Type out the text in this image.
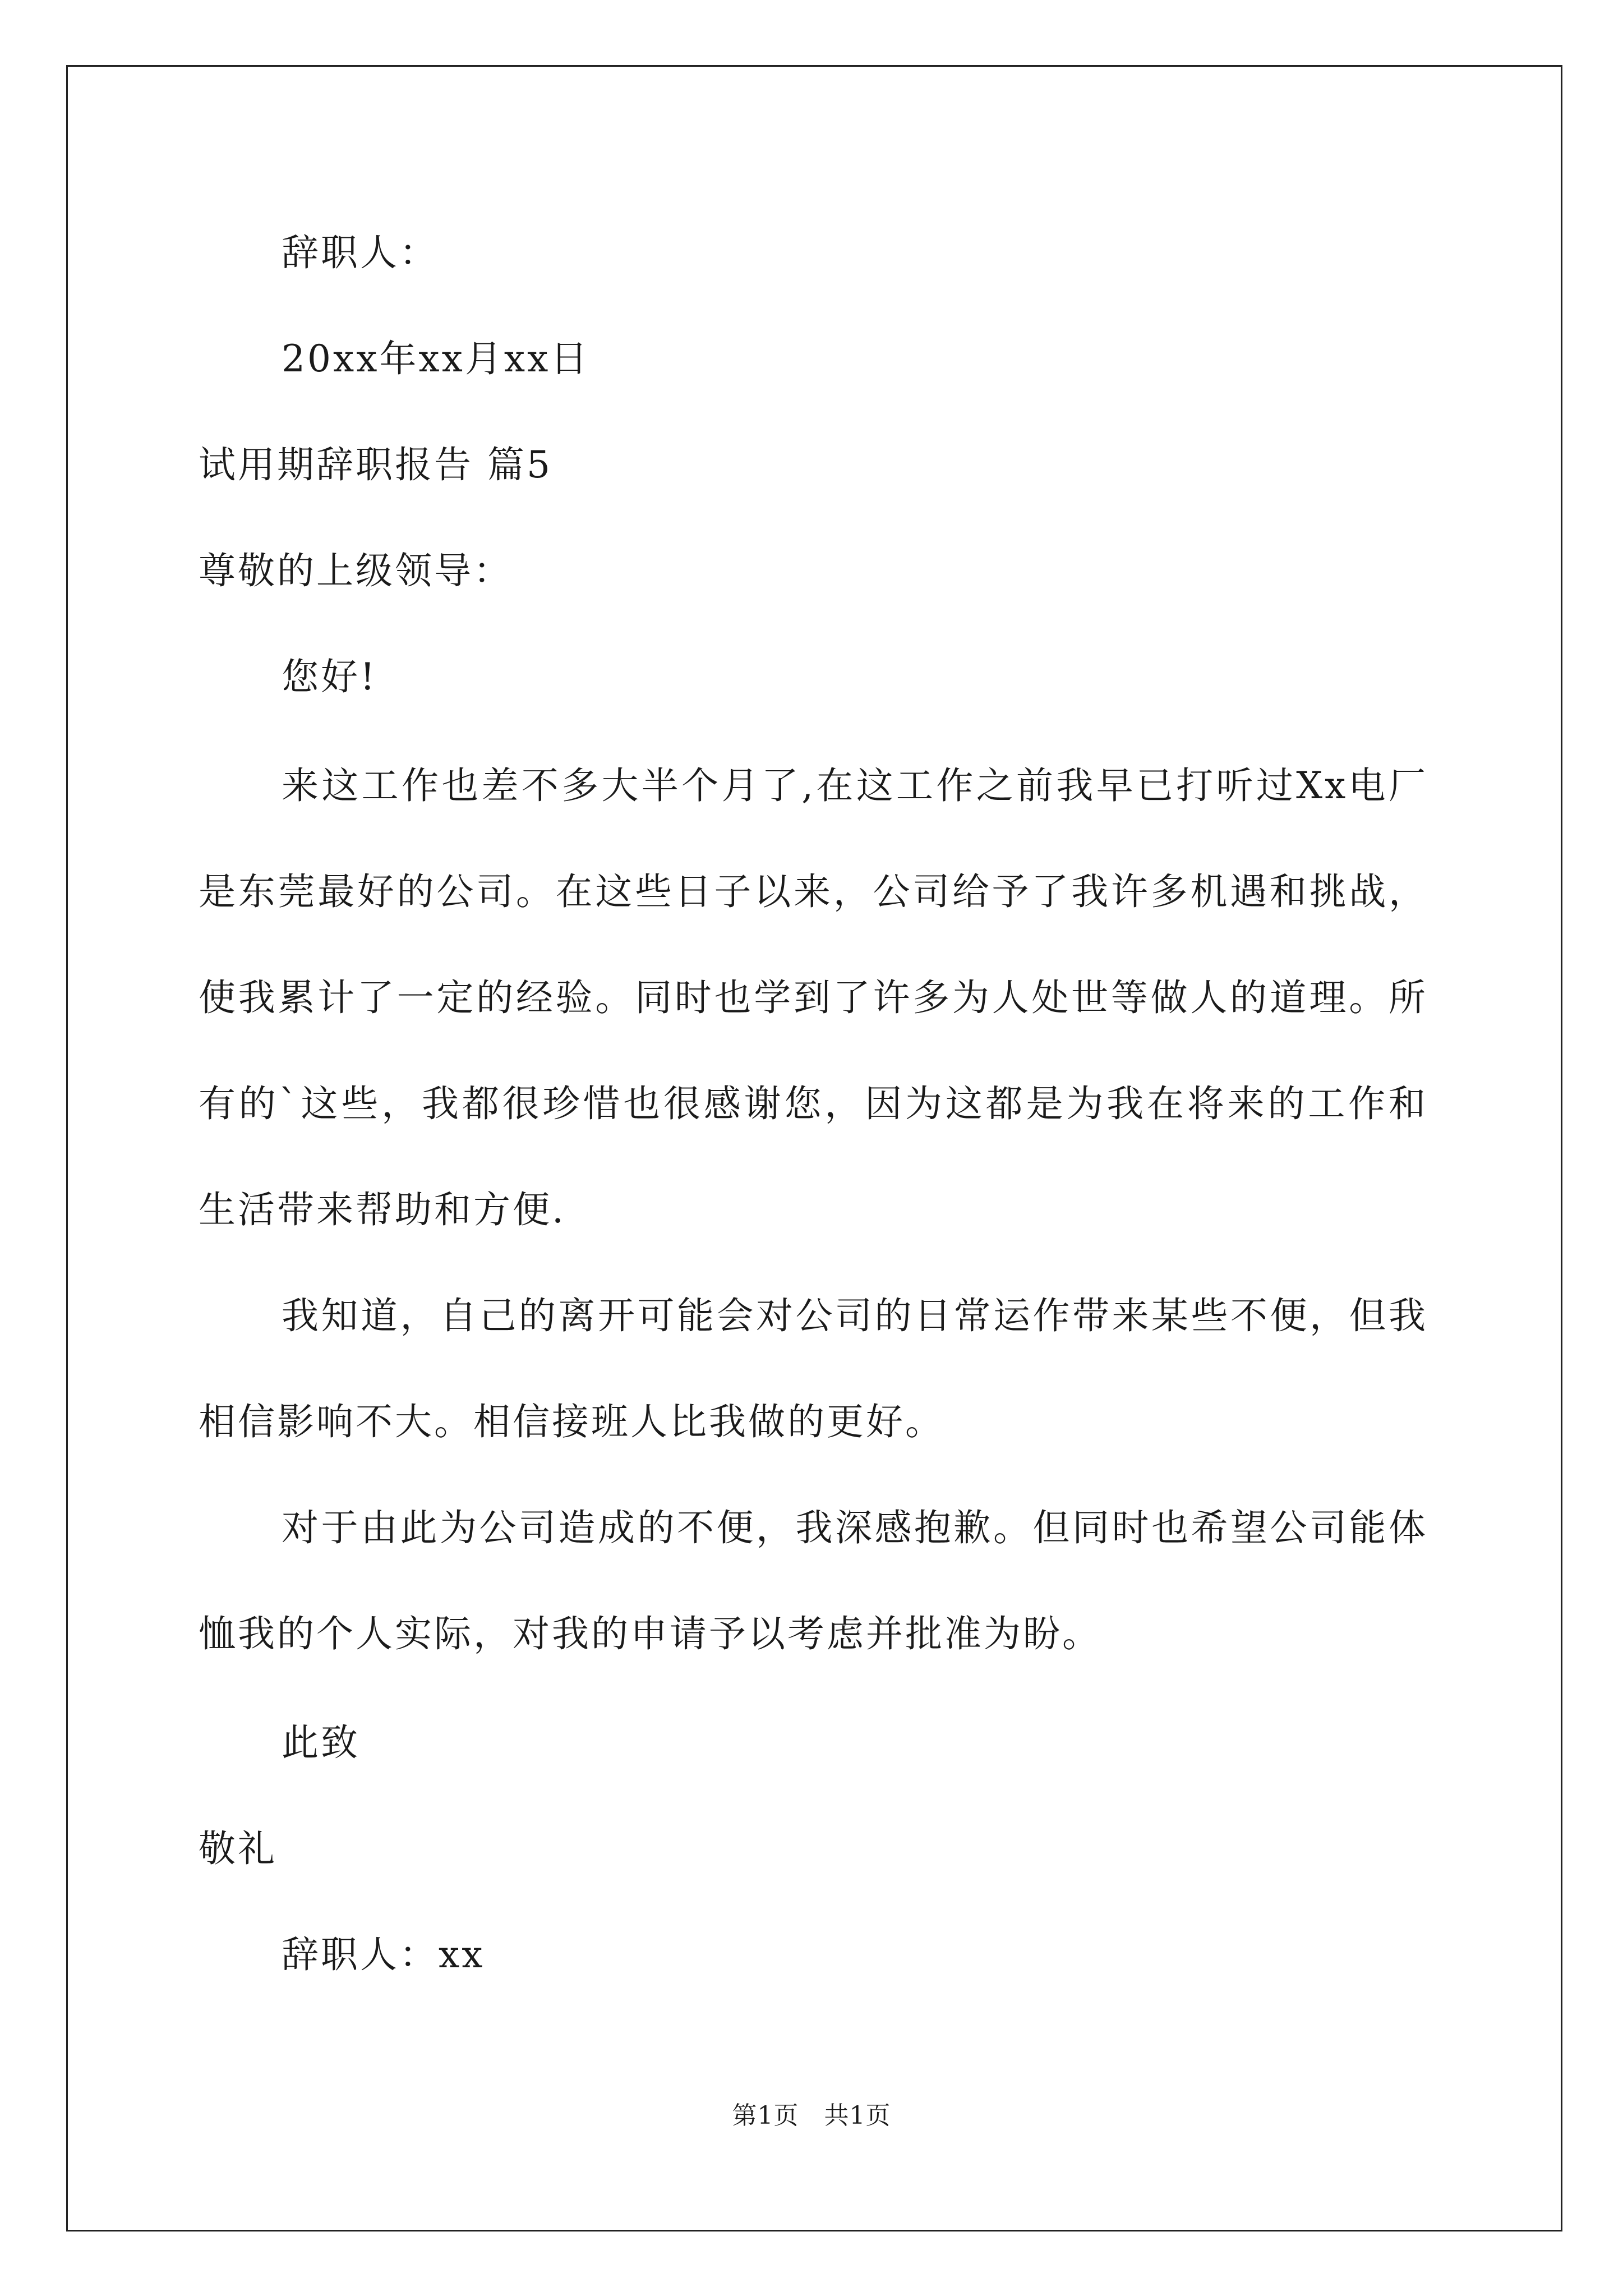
辞职人：
20xx年xx月xx日
试用期辞职报告 篇5
尊敬的上级领导：
您好!

来这工作也差不多大半个月了,在这工作之前我早已打听过Xx电厂是东莞最好的公司。在这些日子以来，公司给予了我许多机遇和挑战，使我累计了一定的经验。同时也学到了许多为人处世等做人的道理。所有的`这些，我都很珍惜也很感谢您，因为这都是为我在将来的工作和生活带来帮助和方便.

我知道，自己的离开可能会对公司的日常运作带来某些不便，但我相信影响不大。相信接班人比我做的更好。

对于由此为公司造成的不便，我深感抱歉。但同时也希望公司能体恤我的个人实际，对我的申请予以考虑并批准为盼。

此致
敬礼
辞职人：xx
第1页   共1页
